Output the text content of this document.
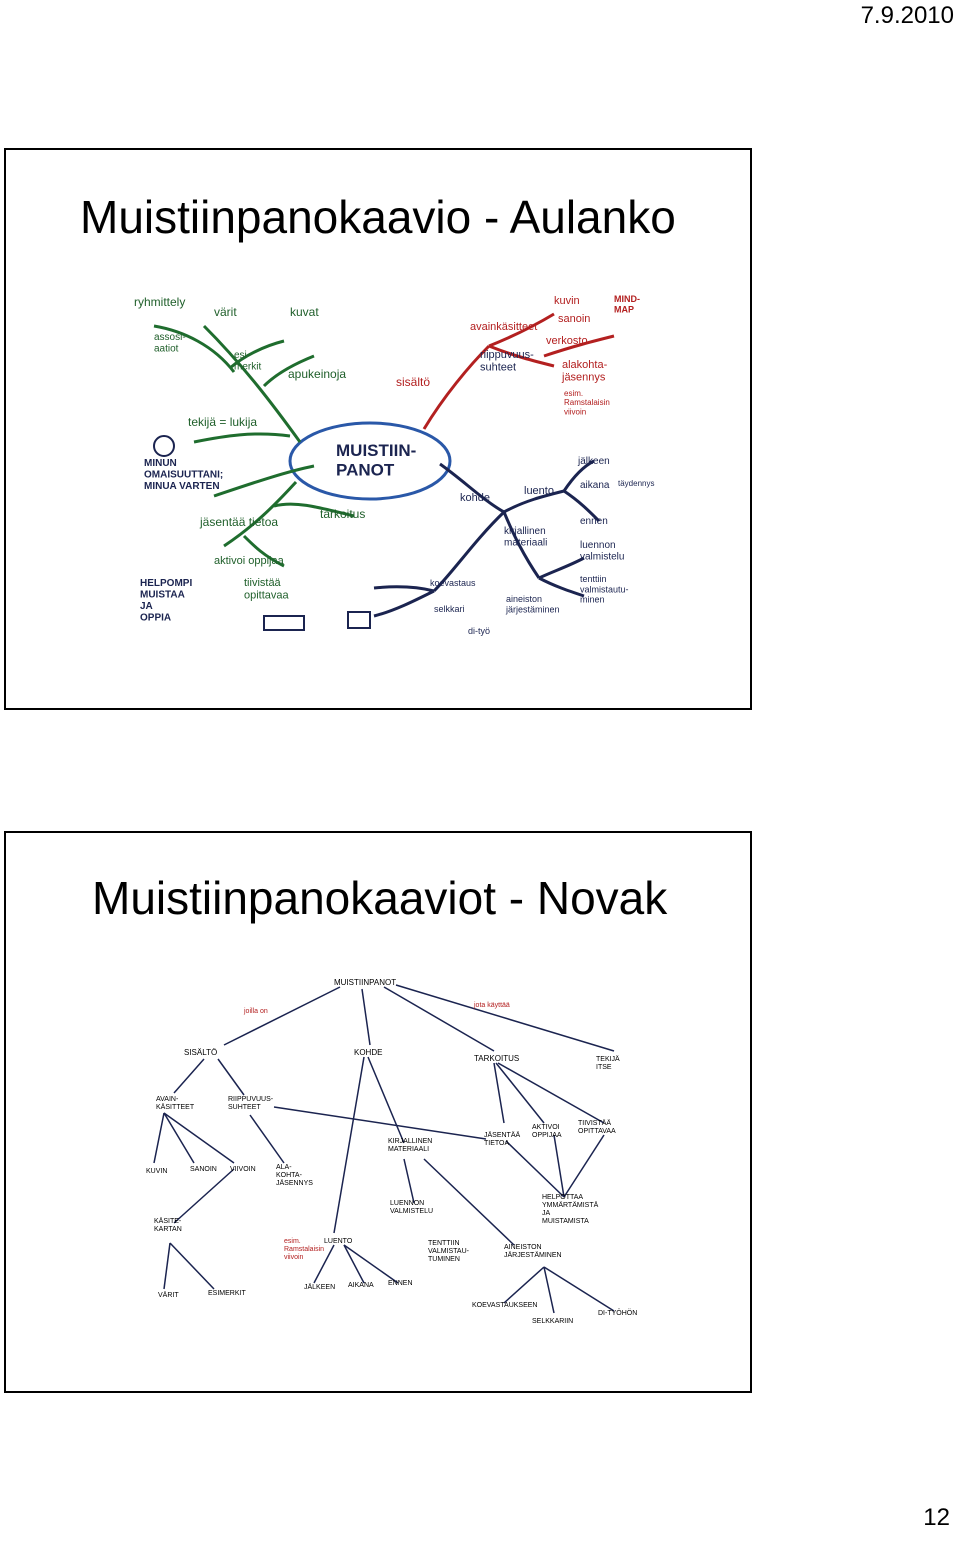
7.9.2010
Muistiinpanokaavio - Aulanko
MUISTIIN-PANOT
ryhmittely
assosi-aatiot
värit	kuvat
esi-merkit apukeinoja
tekijä = lukija
MINUN OMAISUUTTANI; MINUA VARTEN
jäsentää tietoa
aktivoi oppijaa
tiivistää opittavaa
tarkoitus
HELPOMPI MUISTAA JA OPPIA
sisältö
avainkäsitteet
kuvin
sanoin
verkosto
MIND-MAP
riippuvuus-suhteet	alakohta-jäsennys
esim. Ramstalaisin viivoin
kohde
luento
jälkeen
aikana
ennen
täydennys
kirjallinen materiaali	luennon valmistelu
tenttiin valmistautu-minen
koevastaus
selkkari
di-työ
aineiston järjestäminen
Muistiinpanokaaviot - Novak
MUISTIINPANOT
SISÄLTÖ	KOHDE
TARKOITUS	TEKIJÄ ITSE
AVAIN-KÄSITTEET
RIIPPUVUUS-SUHTEET
KUVIN	SANOIN VIIVOIN	ALA-KOHTA-JÄSENNYS
KÄSITE-KARTAN
VÄRIT	ESIMERKIT
KIRJALLINEN MATERIAALI
LUENTO
LUENNON VALMISTELU
TENTTIIN VALMISTAU-TUMINEN
JÄLKEEN AIKANA ENNEN
AINEISTON JÄRJESTÄMINEN
KOEVASTAUKSEEN
SELKKARIIN
DI-TYÖHÖN
JÄSENTÄÄ TIETOA
AKTIVOI OPPIJAA
TIIVISTÄÄ OPITTAVAA
HELPOTTAA YMMÄRTÄMISTÄ JA MUISTAMISTA
joilla on
jota käyttää
esim. Ramstalaisin viivoin
12
